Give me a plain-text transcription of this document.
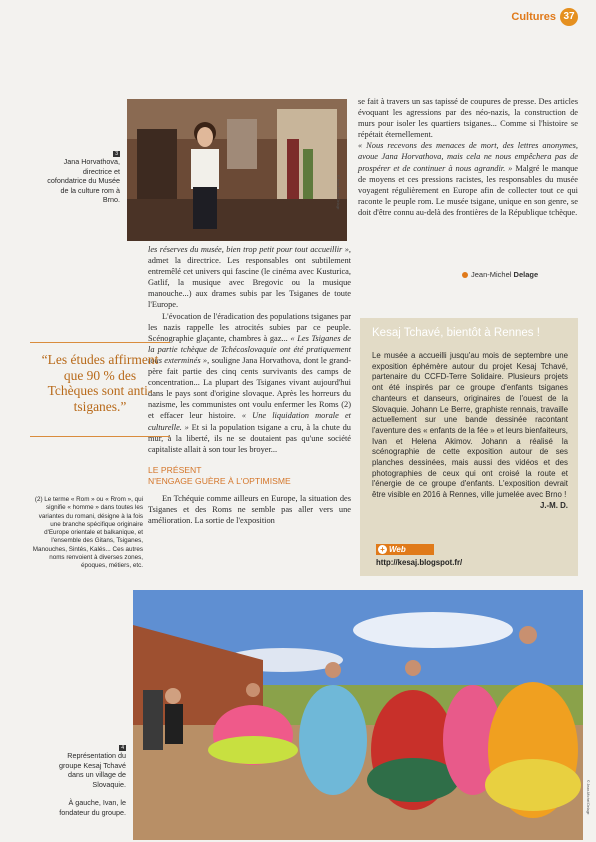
Cultures 37
© Jean-Michel Delage
3
Jana Horvathova, directrice et cofondatrice du Musée de la culture rom à Brno.

se fait à travers un sas tapissé de coupures de presse. Des articles évoquant les agressions par des néo-nazis, la construction de murs pour isoler les quartiers tsiganes... Comme si l'histoire se répétait éternellement.

« Nous recevons des menaces de mort, des lettres anonymes, avoue Jana Horvathova, mais cela ne nous empêchera pas de prospérer et de continuer à nous agrandir. » Malgré le manque de moyens et ces pressions racistes, les responsables du musée voyagent régulièrement en Europe afin de collecter tout ce qui raconte le peuple rom. Le musée tsigane, unique en son genre, se doit d'être connu au-delà des frontières de la République tchèque.

Jean-Michel Delage

les réserves du musée, bien trop petit pour tout accueillir », admet la directrice. Les responsables ont subtilement entremêlé cet univers qui fascine (le cinéma avec Kusturica, Gatlif, la musique avec Bregovic ou la musique manouche...) aux drames subis par les Tsiganes de toute l'Europe.

L'évocation de l'éradication des populations tsiganes par les nazis rappelle les atrocités subies par ce peuple. Scénographie glaçante, chambres à gaz... « Les Tsiganes de la partie tchèque de Tchécoslovaquie ont été pratiquement tous exterminés », souligne Jana Horvathova, dont le grand-père fait partie des cinq cents survivants des camps de concentration... La plupart des Tsiganes vivant aujourd'hui dans le pays sont d'origine slovaque. Après les horreurs du nazisme, les communistes ont voulu enfermer les Roms (2) et effacer leur histoire. « Une liquidation morale et culturelle. » Et si la population tsigane a cru, à la chute du mur, à la liberté, ils ne se doutaient pas qu'une société capitaliste allait à son tour les broyer...

LE PRÉSENT
N'ENGAGE GUÈRE À L'OPTIMISME

En Tchéquie comme ailleurs en Europe, la situation des Tsiganes et des Roms ne semble pas aller vers une amélioration. La sortie de l'exposition

“Les études affirment que 90 % des Tchèques sont anti-tsiganes.”
(2) Le terme « Rom » ou « Rrom », qui signifie « homme » dans toutes les variantes du romani, désigne à la fois une branche spécifique originaire d'Europe orientale et balkanique, et l'ensemble des Gitans, Tsiganes, Manouches, Sintés, Kalés... Ces autres noms renvoient à diverses zones, époques, métiers, etc.
Kesaj Tchavé, bientôt à Rennes !
Le musée a accueilli jusqu'au mois de septembre une exposition éphémère autour du projet Kesaj Tchavé, partenaire du CCFD-Terre Solidaire. Plusieurs projets ont été inspirés par ce groupe d'enfants tsiganes chanteurs et danseurs, originaires de l'ouest de la Slovaquie. Johann Le Berre, graphiste rennais, travaille actuellement sur une bande dessinée racontant l'aventure des « enfants de la fée » et leurs bienfaiteurs, Ivan et Helena Akimov. Johann a réalisé la scénographie de cette exposition autour de ses planches dessinées, mais aussi des vidéos et des photographies de ceux qui ont croisé la route et l'énergie de ce groupe d'enfants. L'exposition devrait être visible en 2016 à Rennes, ville jumelée avec Brno !
J.-M. D.
+ Web
http://kesaj.blogspot.fr/
© Jean-Michel Delage
4
Représentation du groupe Kesaj Tchavé dans un village de Slovaquie.

À gauche, Ivan, le fondateur du groupe.
